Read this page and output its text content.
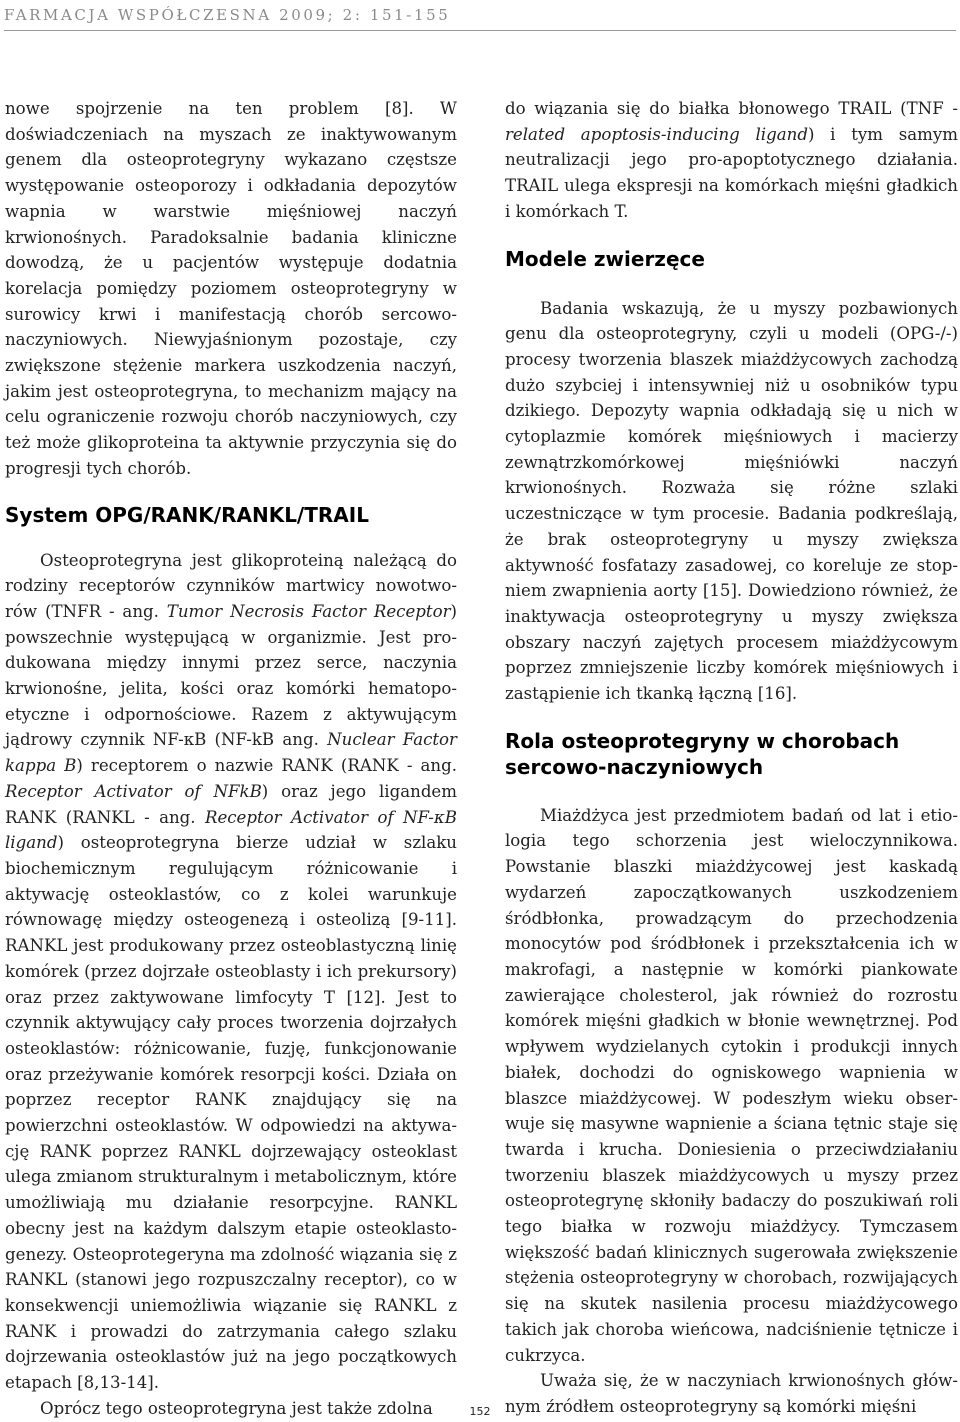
FARMACJA WSPÓŁCZESNA 2009; 2: 151-155

nowe spojrzenie na ten problem [8]. W doświadczeniach na myszach ze inaktywowanym genem dla osteoprotegryny wykazano częstsze występowanie osteoporozy i odkładania depozytów wapnia w warstwie mięśniowej naczyń krwionośnych. Paradoksalnie badania kliniczne dowodzą, że u pacjentów występuje dodatnia korelacja pomiędzy poziomem osteoprotegryny w surowicy krwi i manifestacją chorób sercowo-naczyniowych. Niewyjaśnionym pozostaje, czy zwiększone stężenie markera uszkodzenia naczyń, jakim jest osteoprotegryna, to mechanizm mający na celu ograniczenie rozwoju chorób naczyniowych, czy też może glikoproteina ta aktywnie przyczynia się do progresji tych chorób.

System OPG/RANK/RANKL/TRAIL

Osteoprotegryna jest glikoproteiną należącą do rodziny receptorów czynników martwicy nowotworów (TNFR - ang. Tumor Necrosis Factor Receptor) powszechnie występującą w organizmie. Jest produkowana między innymi przez serce, naczynia krwionośne, jelita, kości oraz komórki hematopoetyczne i odpornościowe. Razem z aktywującym jądrowy czynnik NF-κB (NF-kB ang. Nuclear Factor kappa B) receptorem o nazwie RANK (RANK - ang. Receptor Activator of NFkB) oraz jego ligandem RANK (RANKL - ang. Receptor Activator of NF-κB ligand) osteoprotegryna bierze udział w szlaku biochemicznym regulującym różnicowanie i aktywację osteoklastów, co z kolei warunkuje równowagę między osteogenezą i osteolizą [9-11]. RANKL jest produkowany przez osteoblastyczną linię komórek (przez dojrzałe osteoblasty i ich prekursory) oraz przez zaktywowane limfocyty T [12]. Jest to czynnik aktywujący cały proces tworzenia dojrzałych osteoklastów: różnicowanie, fuzję, funkcjonowanie oraz przeżywanie komórek resorpcji kości. Działa on poprzez receptor RANK znajdujący się na powierzchni osteoklastów. W odpowiedzi na aktywację RANK poprzez RANKL dojrzewający osteoklast ulega zmianom strukturalnym i metabolicznym, które umożliwiają mu działanie resorpcyjne. RANKL obecny jest na każdym dalszym etapie osteoklastogenezy. Osteoprotegeryna ma zdolność wiązania się z RANKL (stanowi jego rozpuszczalny receptor), co w konsekwencji uniemożliwia wiązanie się RANKL z RANK i prowadzi do zatrzymania całego szlaku dojrzewania osteoklastów już na jego początkowych etapach [8,13-14].

Oprócz tego osteoprotegryna jest także zdolna

do wiązania się do białka błonowego TRAIL (TNF - related apoptosis-inducing ligand) i tym samym neutralizacji jego pro-apoptotycznego działania. TRAIL ulega ekspresji na komórkach mięśni gładkich i komórkach T.

Modele zwierzęce

Badania wskazują, że u myszy pozbawionych genu dla osteoprotegryny, czyli u modeli (OPG-/-) procesy tworzenia blaszek miażdżycowych zachodzą dużo szybciej i intensywniej niż u osobników typu dzikiego. Depozyty wapnia odkładają się u nich w cytoplazmie komórek mięśniowych i macierzy zewnątrzkomórkowej mięśniówki naczyń krwionośnych. Rozważa się różne szlaki uczestniczące w tym procesie. Badania podkreślają, że brak osteoprotegryny u myszy zwiększa aktywność fosfatazy zasadowej, co koreluje ze stopniem zwapnienia aorty [15]. Dowiedziono również, że inaktywacja osteoprotegryny u myszy zwiększa obszary naczyń zajętych procesem miażdżycowym poprzez zmniejszenie liczby komórek mięśniowych i zastąpienie ich tkanką łączną [16].

Rola osteoprotegryny w chorobach sercowo-naczyniowych

Miażdżyca jest przedmiotem badań od lat i etiologia tego schorzenia jest wieloczynnikowa. Powstanie blaszki miażdżycowej jest kaskadą wydarzeń zapoczątkowanych uszkodzeniem śródbłonka, prowadzącym do przechodzenia monocytów pod śródbłonek i przekształcenia ich w makrofagi, a następnie w komórki piankowate zawierające cholesterol, jak również do rozrostu komórek mięśni gładkich w błonie wewnętrznej. Pod wpływem wydzielanych cytokin i produkcji innych białek, dochodzi do ogniskowego wapnienia w blaszce miażdżycowej. W podeszłym wieku obserwuje się masywne wapnienie a ściana tętnic staje się twarda i krucha. Doniesienia o przeciwdziałaniu tworzeniu blaszek miażdżycowych u myszy przez osteoprotegrynę skłoniły badaczy do poszukiwań roli tego białka w rozwoju miażdżycy. Tymczasem większość badań klinicznych sugerowała zwiększenie stężenia osteoprotegryny w chorobach, rozwijających się na skutek nasilenia procesu miażdżycowego takich jak choroba wieńcowa, nadciśnienie tętnicze i cukrzyca.

Uważa się, że w naczyniach krwionośnych głównym źródłem osteoprotegryny są komórki mięśni

152
